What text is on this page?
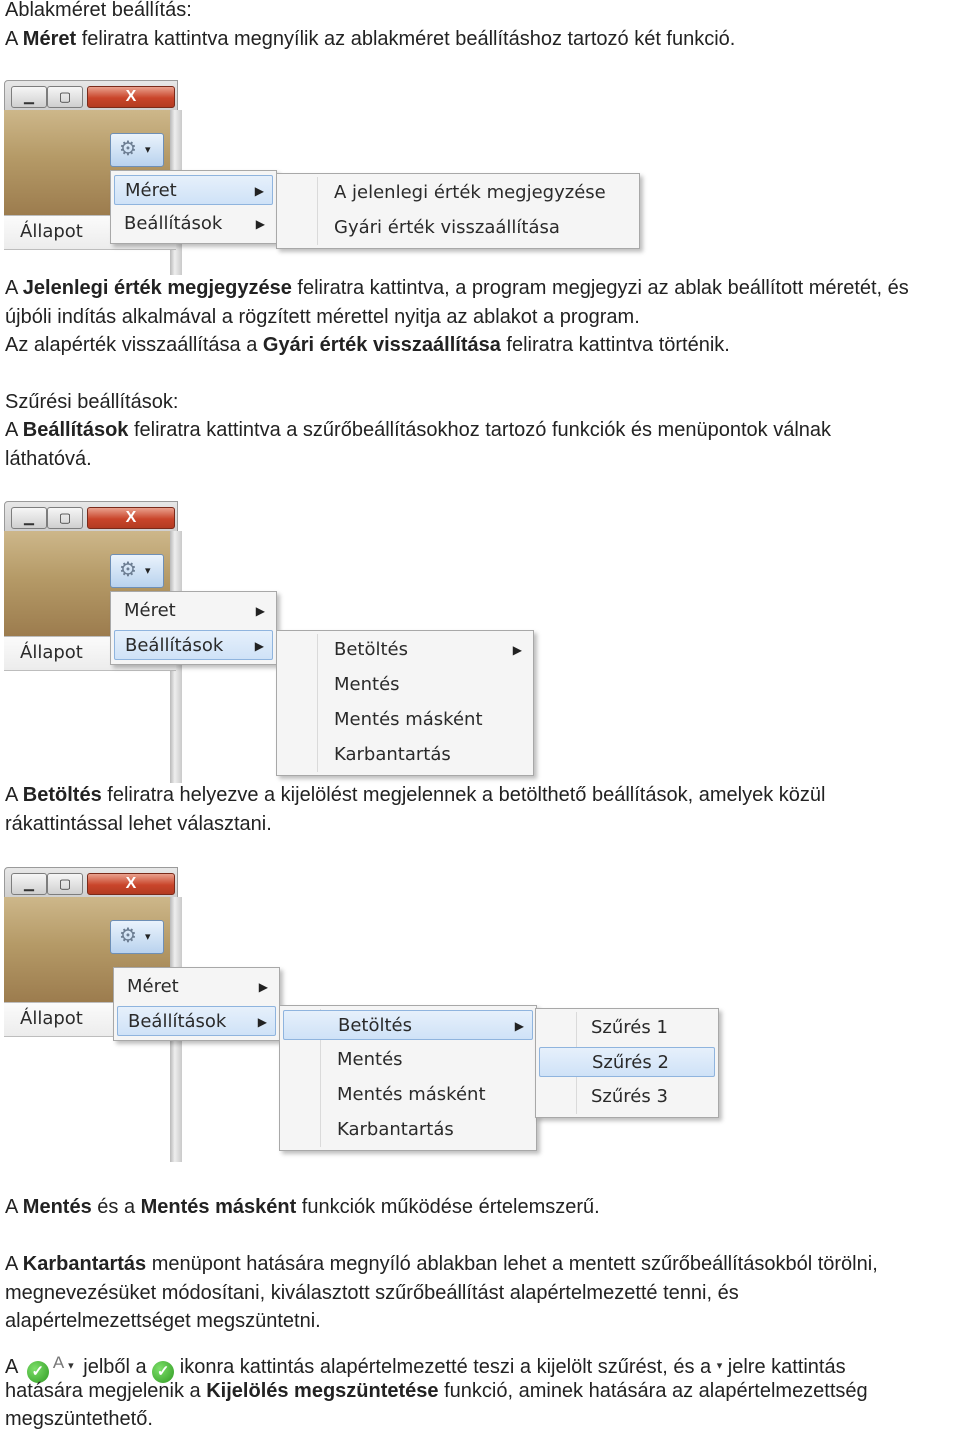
Ablakméret beállítás:

A Méret feliratra kattintva megnyílik az ablakméret beállításhoz tartozó két funkció.

▁	▢	X
Állapot
⚙ ▾
Méret	▶
Beállítások	▶
A jelenlegi érték megjegyzése
Gyári érték visszaállítása

A Jelenlegi érték megjegyzése feliratra kattintva, a program megjegyzi az ablak beállított méretét, és

újbóli indítás alkalmával a rögzített mérettel nyitja az ablakot a program.

Az alapérték visszaállítása a Gyári érték visszaállítása feliratra kattintva történik.

Szűrési beállítások:

A Beállítások feliratra kattintva a szűrőbeállításokhoz tartozó funkciók és menüpontok válnak

láthatóvá.

▁	▢	X
Állapot
⚙ ▾
Méret	▶
Beállítások	▶	Betöltés	▶
Mentés
Mentés másként
Karbantartás

A Betöltés feliratra helyezve a kijelölést megjelennek a betölthető beállítások, amelyek közül

rákattintással lehet választani.

▁	▢	X
Állapot
⚙ ▾
Méret	▶
Beállítások	▶	Betöltés	▶
Mentés
Mentés másként
Karbantartás
Szűrés 1
Szűrés 2
Szűrés 3

A Mentés és a Mentés másként funkciók működése értelemszerű.

A Karbantartás menüpont hatására megnyíló ablakban lehet a mentett szűrőbeállításokból törölni,

megnevezésüket módosítani, kiválasztott szűrőbeállítást alapértelmezetté tenni, és

alapértelmezettséget megszüntetni.

A ✓ A ▾ jelből a ✓ ikonra kattintás alapértelmezetté teszi a kijelölt szűrést, és a ▾ jelre kattintás

hatására megjelenik a Kijelölés megszüntetése funkció, aminek hatására az alapértelmezettség

megszüntethető.
